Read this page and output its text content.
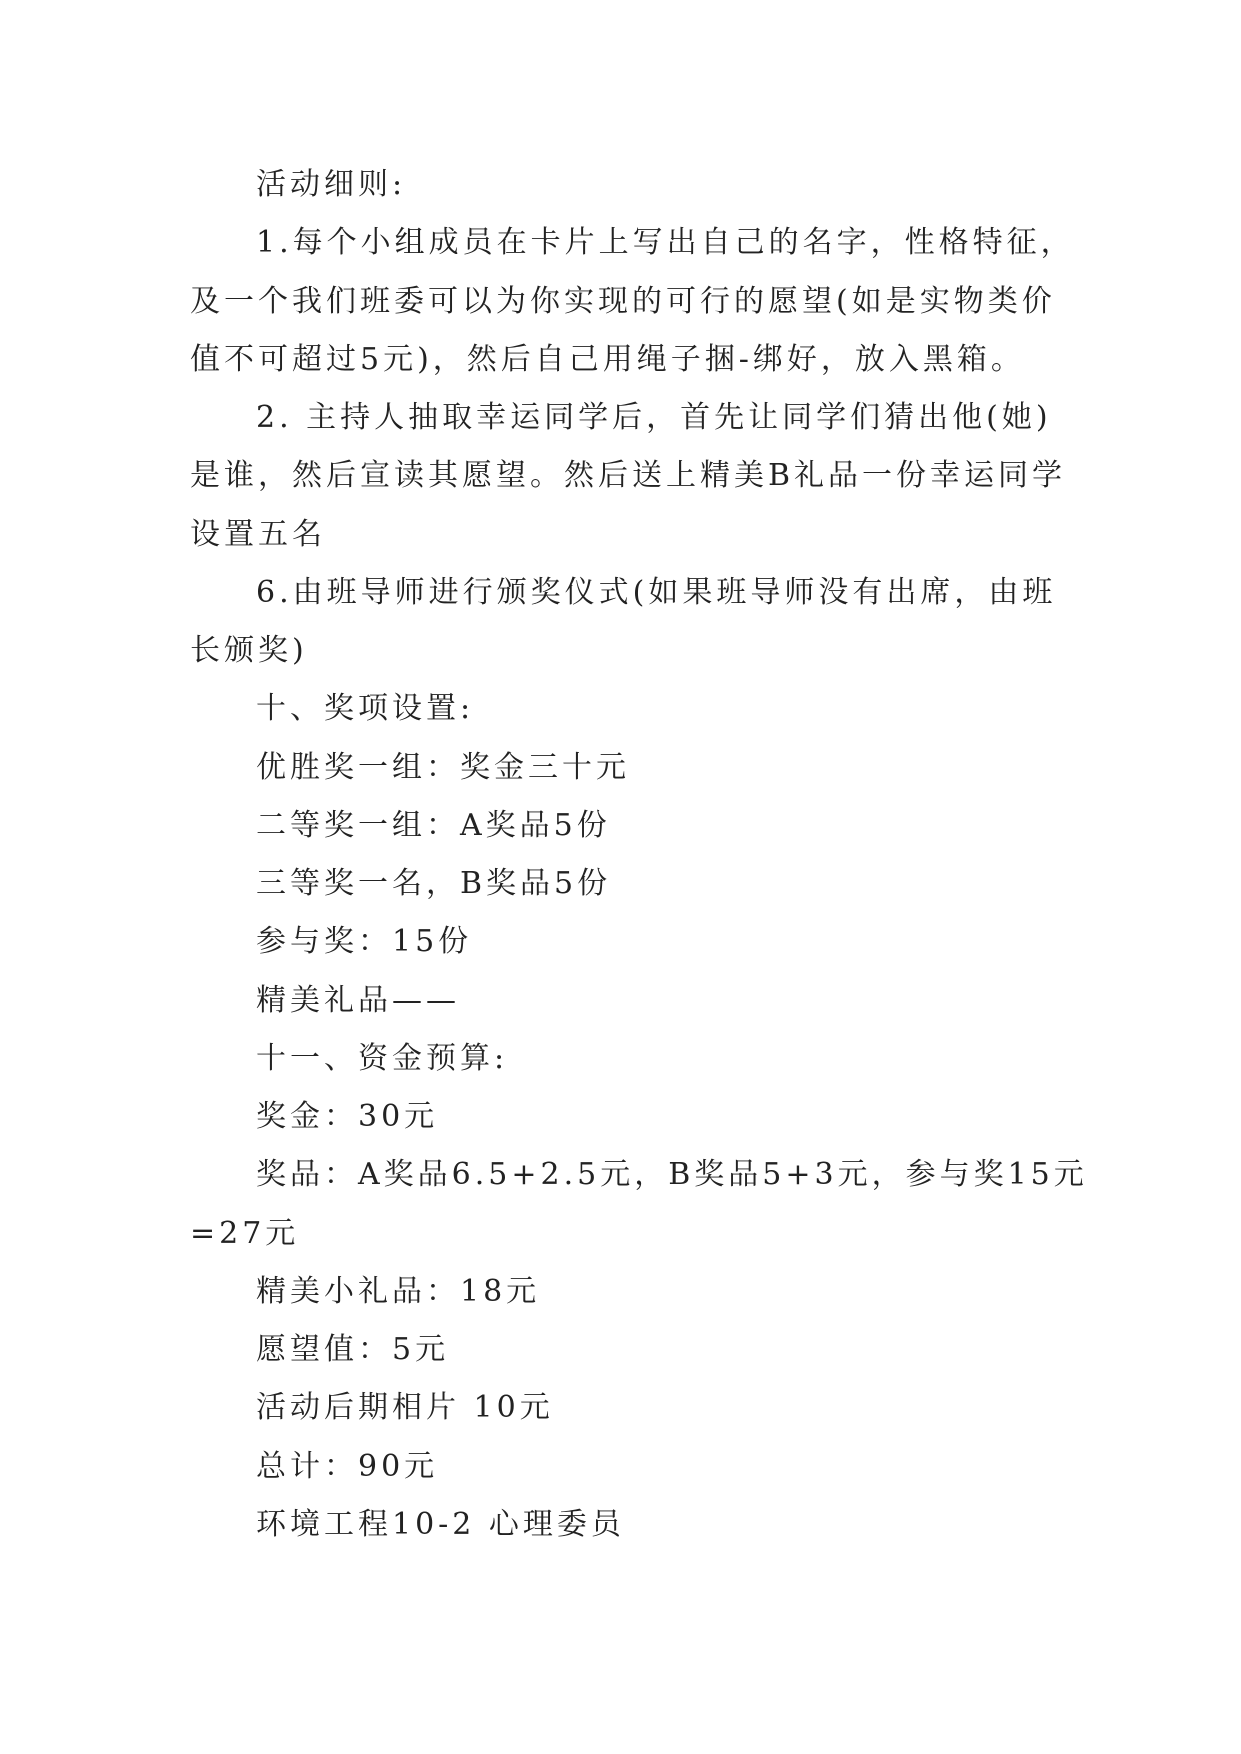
活动细则:
1.每个小组成员在卡片上写出自己的名字，性格特征，
及一个我们班委可以为你实现的可行的愿望(如是实物类价
值不可超过5元)，然后自己用绳子捆-绑好，放入黑箱。
2. 主持人抽取幸运同学后，首先让同学们猜出他(她)
是谁，然后宣读其愿望。然后送上精美B礼品一份幸运同学
设置五名
6.由班导师进行颁奖仪式(如果班导师没有出席，由班
长颁奖)
十、奖项设置:
优胜奖一组：奖金三十元
二等奖一组：A奖品5份
三等奖一名，B奖品5份
参与奖：15份
精美礼品——
十一、资金预算:
奖金：30元
奖品：A奖品6.5+2.5元，B奖品5+3元，参与奖15元
=27元
精美小礼品：18元
愿望值：5元
活动后期相片 10元
总计：90元
环境工程10-2 心理委员
